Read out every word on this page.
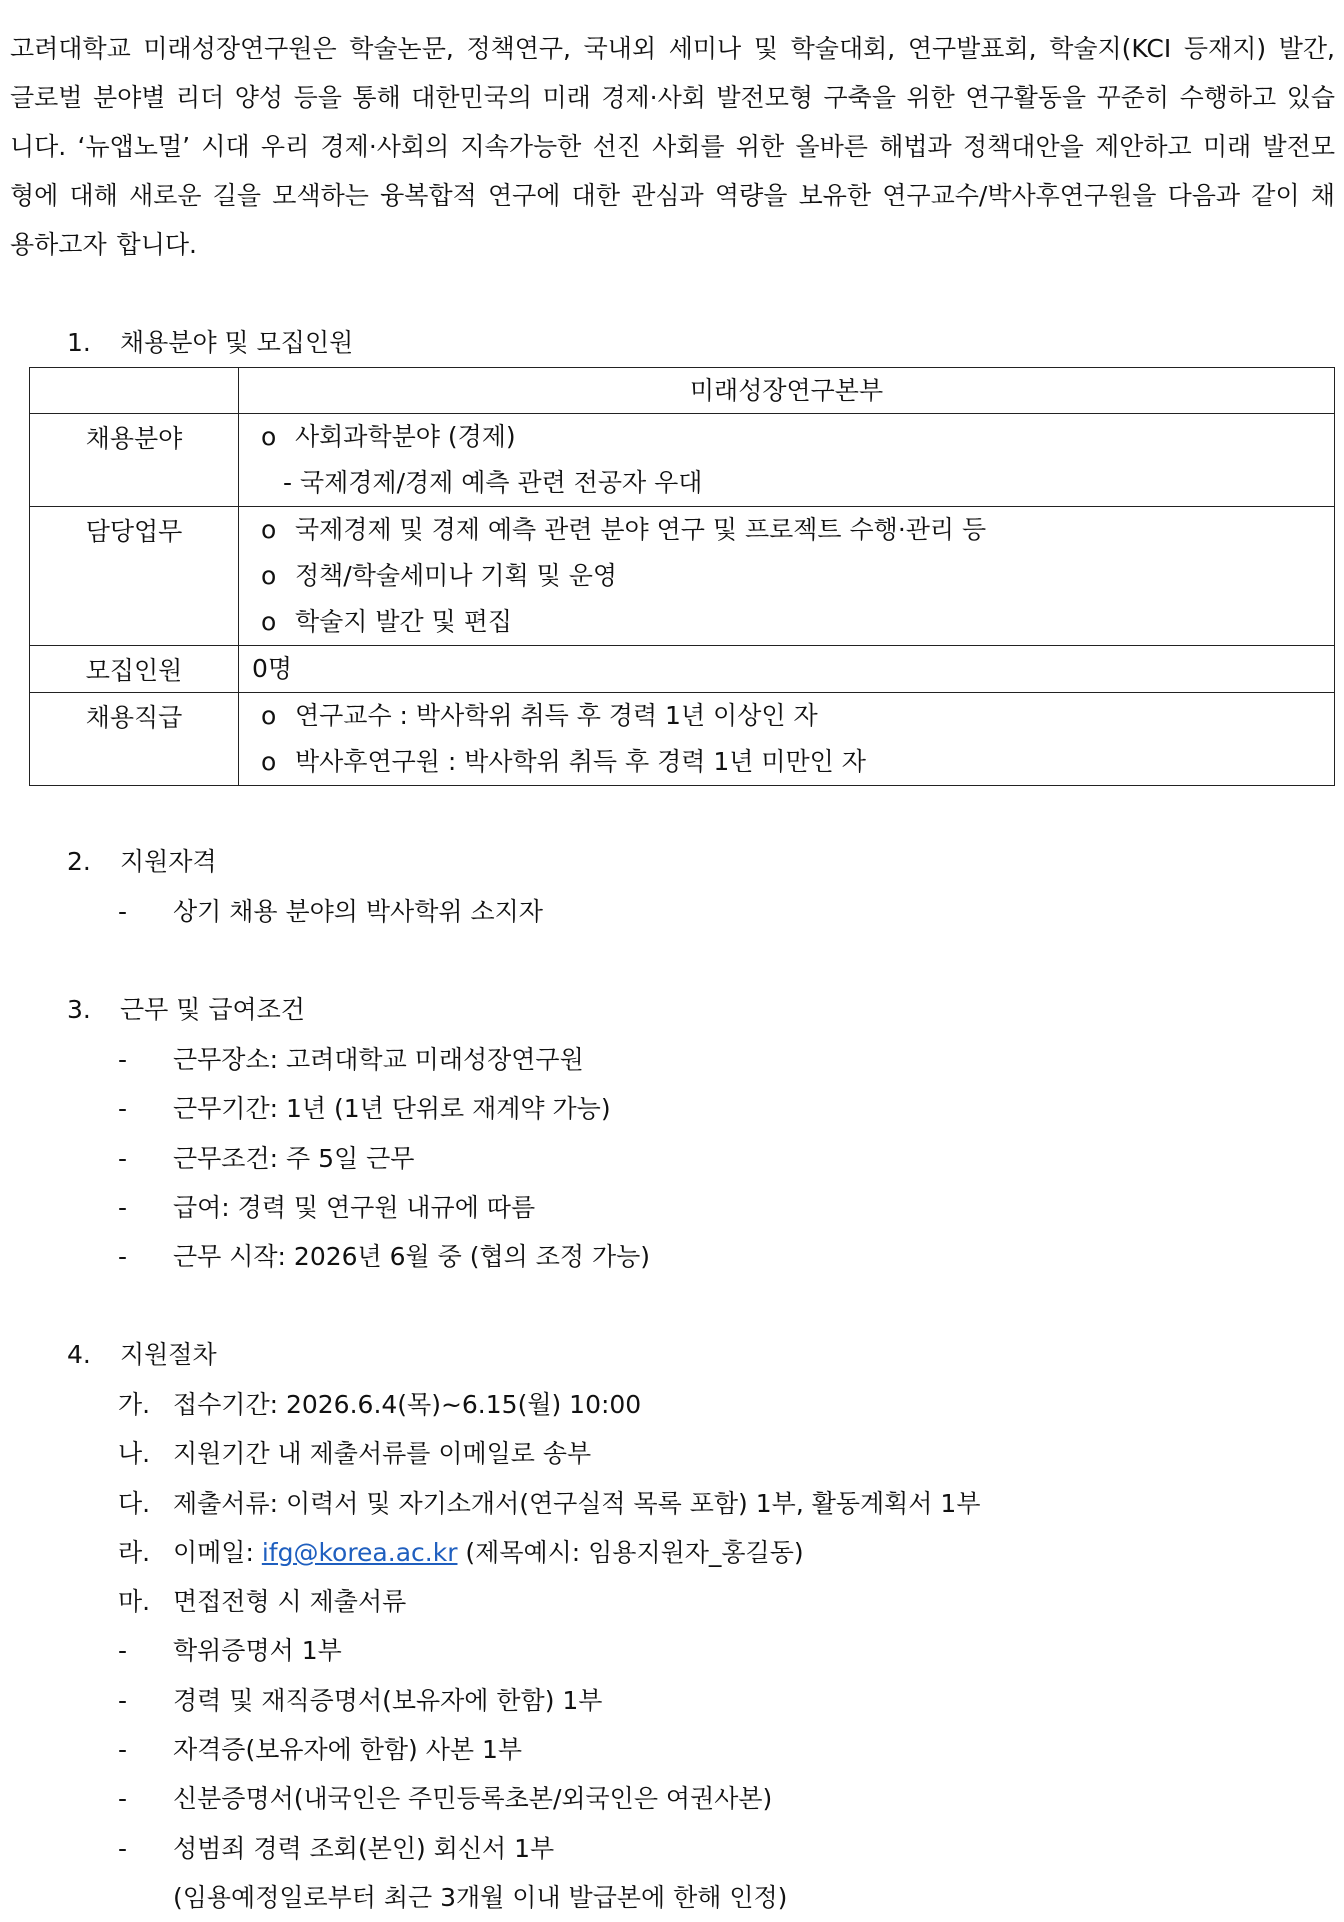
고려대학교 미래성장연구원은 학술논문, 정책연구, 국내외 세미나 및 학술대회, 연구발표회, 학술지(KCI 등재지) 발간, 글로벌 분야별 리더 양성 등을 통해 대한민국의 미래 경제·사회 발전모형 구축을 위한 연구활동을 꾸준히 수행하고 있습니다. ‘뉴앱노멀’ 시대 우리 경제·사회의 지속가능한 선진 사회를 위한 올바른 해법과 정책대안을 제안하고 미래 발전모형에 대해 새로운 길을 모색하는 융복합적 연구에 대한 관심과 역량을 보유한 연구교수/박사후연구원을 다음과 같이 채용하고자 합니다.

1. 채용분야 및 모집인원
	미래성장연구본부
채용분야	ο 사회과학분야 (경제)
- 국제경제/경제 예측 관련 전공자 우대

담당업무	ο 국제경제 및 경제 예측 관련 분야 연구 및 프로젝트 수행·관리 등
ο 정책/학술세미나 기획 및 운영
ο 학술지 발간 및 편집

모집인원	0명

채용직급	ο 연구교수 : 박사학위 취득 후 경력 1년 이상인 자
ο 박사후연구원 : 박사학위 취득 후 경력 1년 미만인 자
2. 지원자격
- 상기 채용 분야의 박사학위 소지자
3. 근무 및 급여조건
- 근무장소: 고려대학교 미래성장연구원
- 근무기간: 1년 (1년 단위로 재계약 가능)
- 근무조건: 주 5일 근무
- 급여: 경력 및 연구원 내규에 따름
- 근무 시작: 2026년 6월 중 (협의 조정 가능)
4. 지원절차
가. 접수기간: 2026.6.4(목)~6.15(월) 10:00
나. 지원기간 내 제출서류를 이메일로 송부
다. 제출서류: 이력서 및 자기소개서(연구실적 목록 포함) 1부, 활동계획서 1부
라. 이메일: ifg@korea.ac.kr (제목예시: 임용지원자_홍길동)
마. 면접전형 시 제출서류
- 학위증명서 1부
- 경력 및 재직증명서(보유자에 한함) 1부
- 자격증(보유자에 한함) 사본 1부
- 신분증명서(내국인은 주민등록초본/외국인은 여권사본)
- 성범죄 경력 조회(본인) 회신서 1부
(임용예정일로부터 최근 3개월 이내 발급본에 한해 인정)
